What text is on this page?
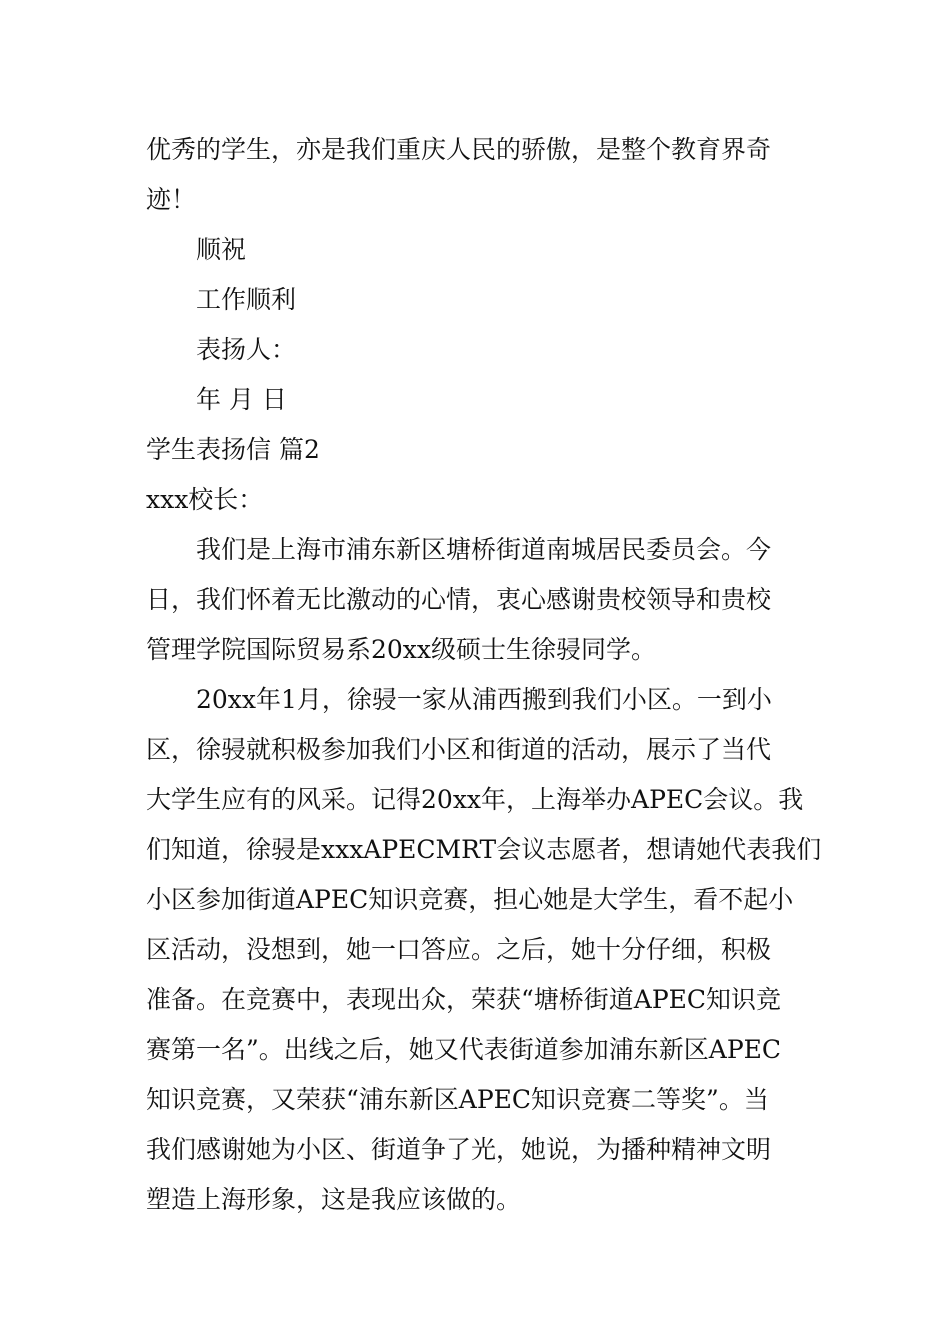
优秀的学生，亦是我们重庆人民的骄傲，是整个教育界奇
迹！
顺祝
工作顺利
表扬人：
年 月 日
学生表扬信 篇2
xxx校长：
我们是上海市浦东新区塘桥街道南城居民委员会。今
日，我们怀着无比激动的心情，衷心感谢贵校领导和贵校
管理学院国际贸易系20xx级硕士生徐骎同学。
20xx年1月，徐骎一家从浦西搬到我们小区。一到小
区，徐骎就积极参加我们小区和街道的活动，展示了当代
大学生应有的风采。记得20xx年，上海举办APEC会议。我
们知道，徐骎是xxxAPECMRT会议志愿者，想请她代表我们
小区参加街道APEC知识竞赛，担心她是大学生，看不起小
区活动，没想到，她一口答应。之后，她十分仔细，积极
准备。在竞赛中，表现出众，荣获“塘桥街道APEC知识竞
赛第一名”。出线之后，她又代表街道参加浦东新区APEC
知识竞赛，又荣获“浦东新区APEC知识竞赛二等奖”。当
我们感谢她为小区、街道争了光，她说，为播种精神文明
塑造上海形象，这是我应该做的。
